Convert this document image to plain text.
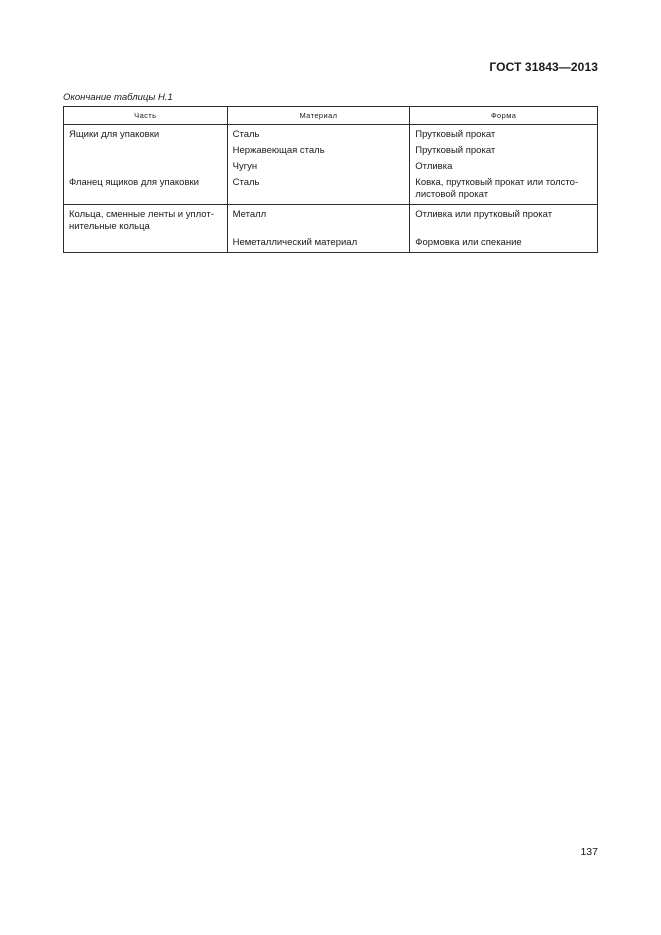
ГОСТ 31843—2013
Окончание таблицы Н.1
Часть	Материал	Форма

Ящики для упаковки	Сталь	Прутковый прокат

	Нержавеющая сталь	Прутковый прокат

	Чугун	Отливка

Фланец ящиков для упаковки	Сталь	Ковка, прутковый прокат или толсто-листовой прокат

Кольца, сменные ленты и уплот-нительные кольца	Металл	Отливка или прутковый прокат

	Неметаллический материал	Формовка или спекание
137
